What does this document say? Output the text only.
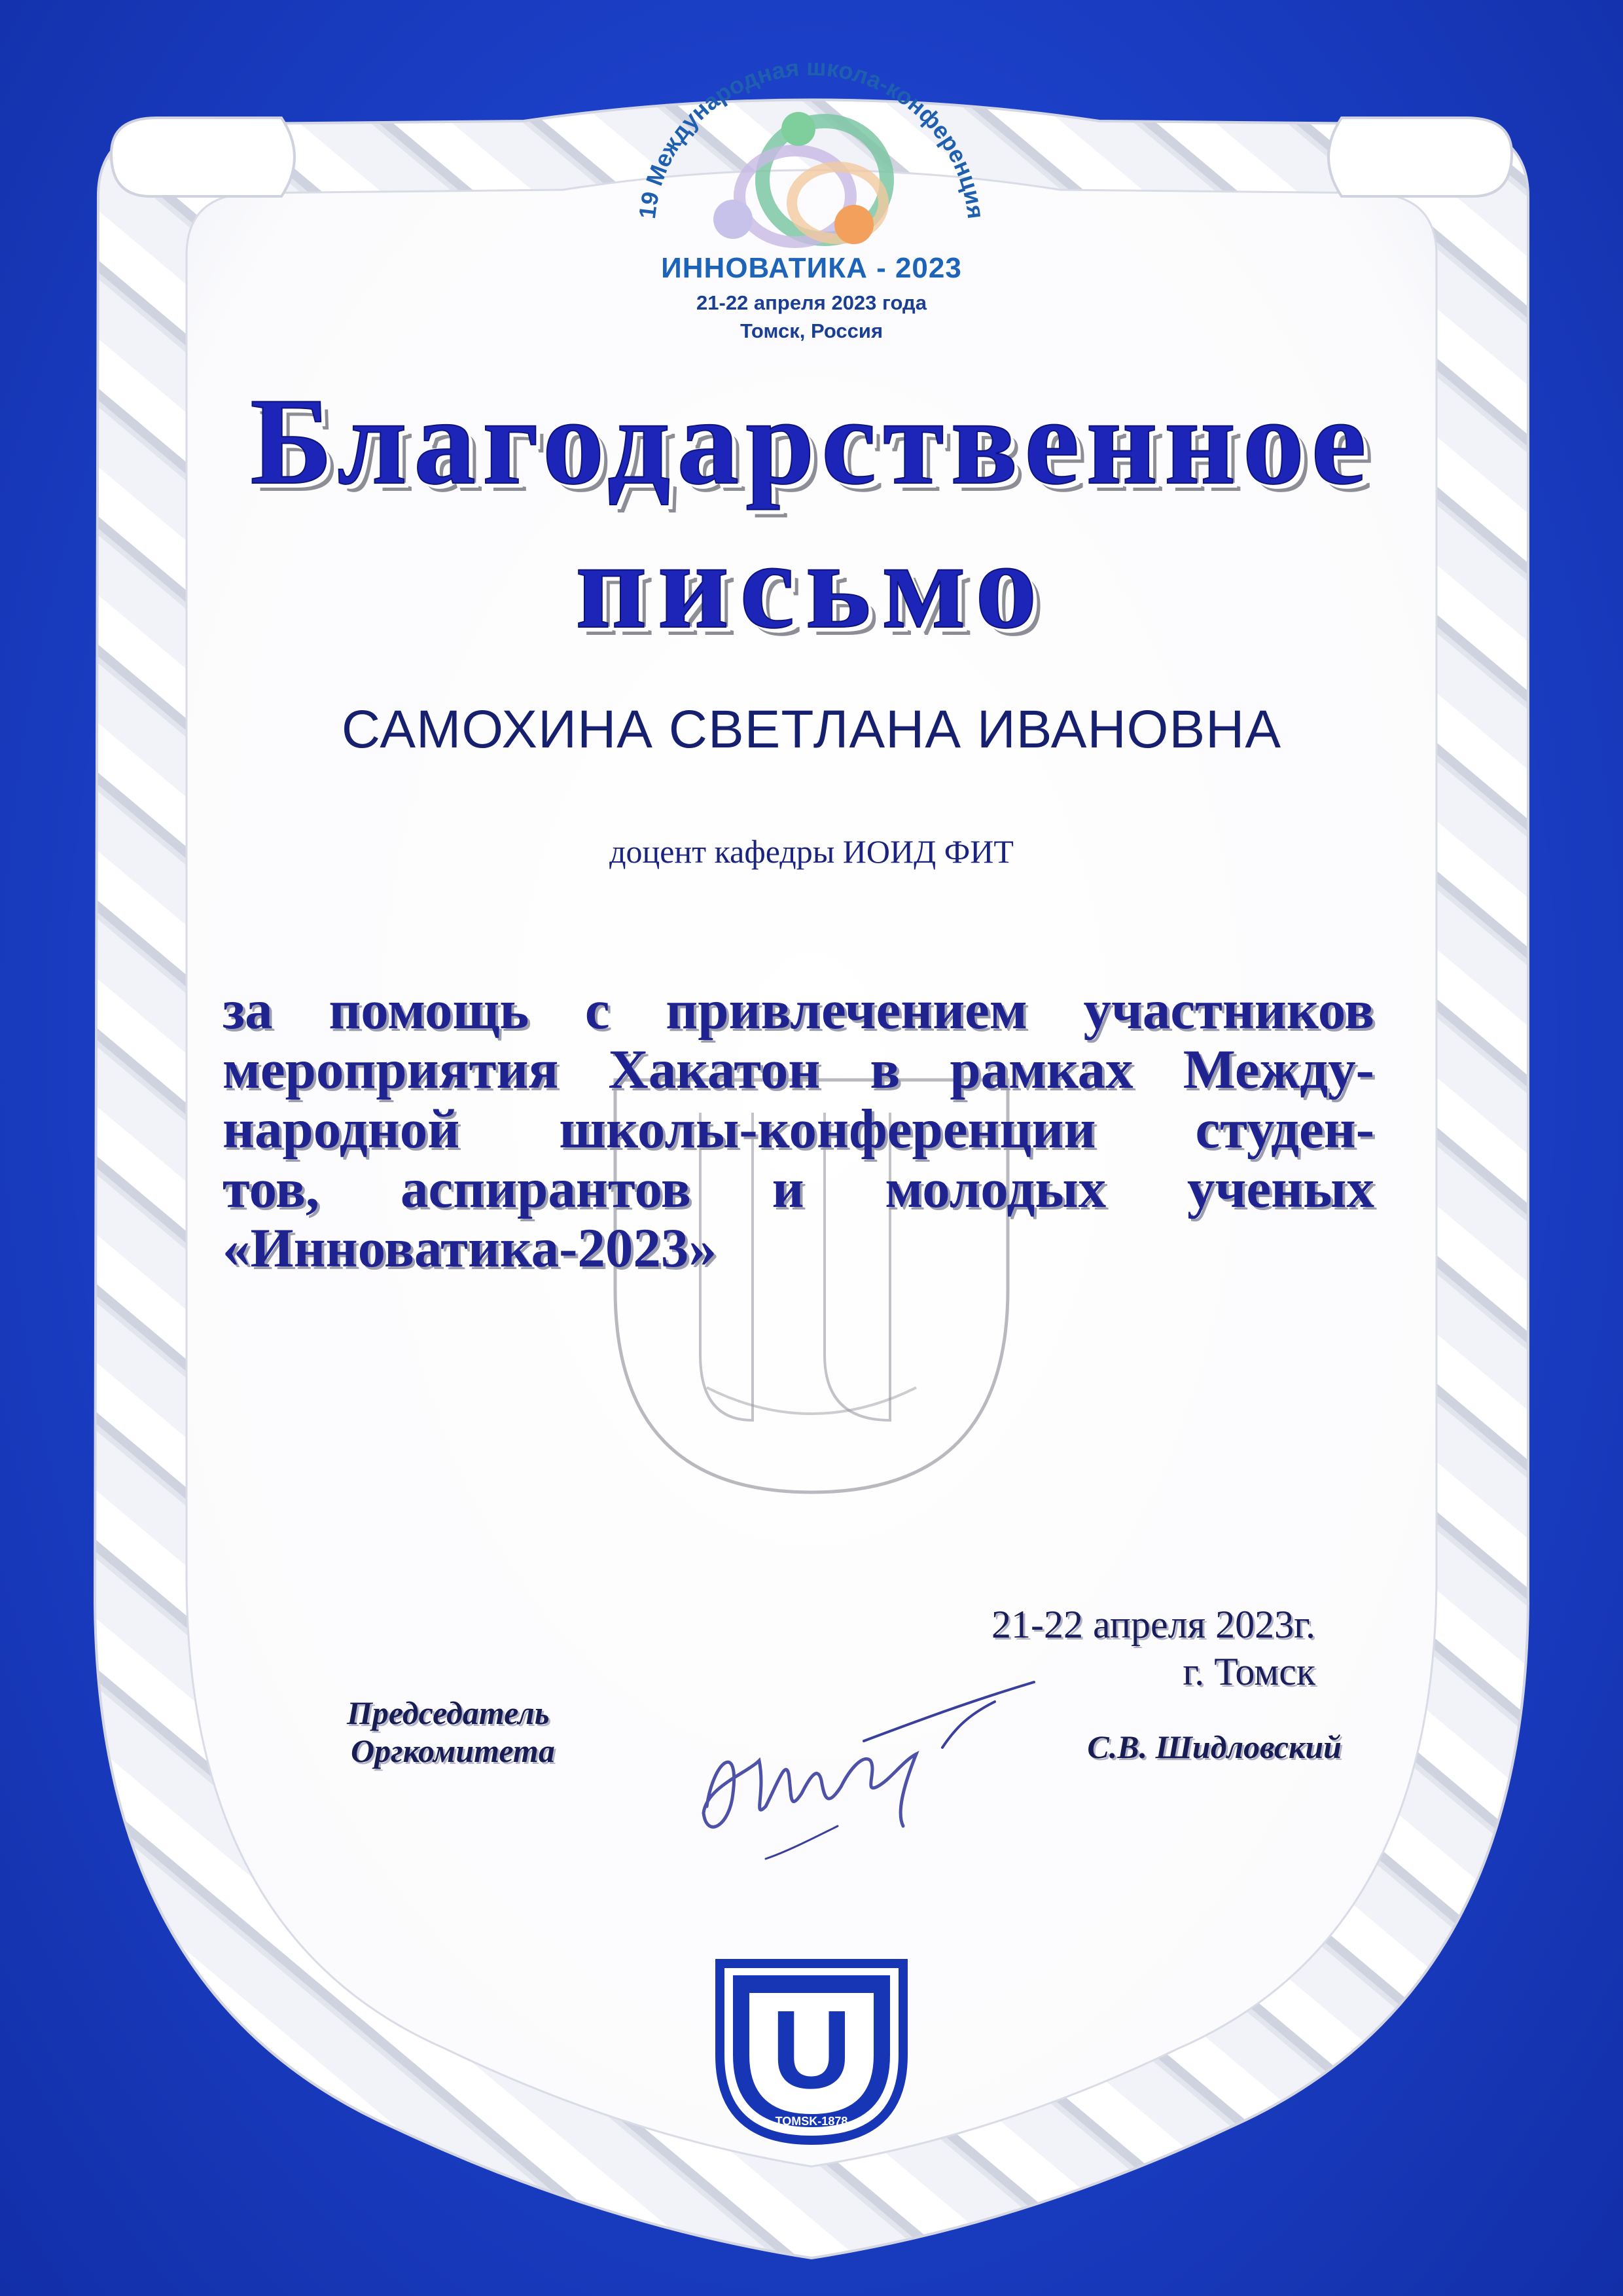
19 Международная школа-конференция
ИННОВАТИКА - 2023
21-22 апреля 2023 года
Томск, Россия
Благодарственное
письмо
САМОХИНА СВЕТЛАНА ИВАНОВНА
доцент кафедры ИОИД ФИТ
за помощь с привлечением участников
мероприятия Хакатон в рамках Между-
народной школы-конференции студен-
тов, аспирантов и молодых ученых
«Инноватика-2023»
21-22 апреля 2023г.
г. Томск
Председатель
Оргкомитета	С.В. Шидловский
U
TOMSK-1878
